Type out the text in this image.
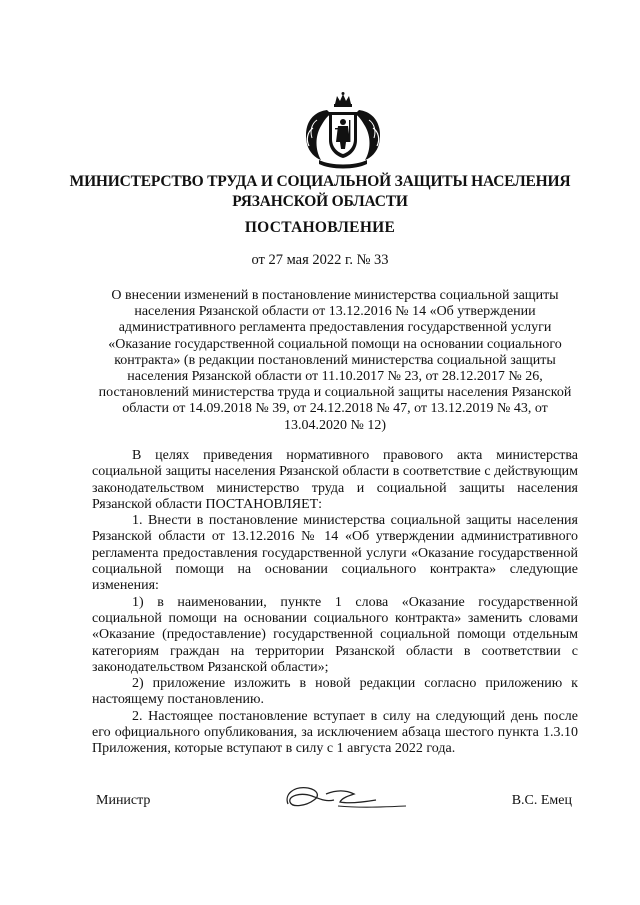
МИНИСТЕРСТВО ТРУДА И СОЦИАЛЬНОЙ ЗАЩИТЫ НАСЕЛЕНИЯ
РЯЗАНСКОЙ ОБЛАСТИ
ПОСТАНОВЛЕНИЕ
от 27 мая 2022 г. № 33
О внесении изменений в постановление министерства социальной защиты населения Рязанской области от 13.12.2016 № 14 «Об утверждении административного регламента предоставления государственной услуги «Оказание государственной социальной помощи на основании социального контракта» (в редакции постановлений министерства социальной защиты населения Рязанской области от 11.10.2017 № 23, от 28.12.2017 № 26, постановлений министерства труда и социальной защиты населения Рязанской области от 14.09.2018 № 39, от 24.12.2018 № 47, от 13.12.2019 № 43, от 13.04.2020 № 12)

В целях приведения нормативного правового акта министерства социальной защиты населения Рязанской области в соответствие с действующим законодательством министерство труда и социальной защиты населения Рязанской области ПОСТАНОВЛЯЕТ:

1. Внести в постановление министерства социальной защиты населения Рязанской области от 13.12.2016 № 14 «Об утверждении административного регламента предоставления государственной услуги «Оказание государственной социальной помощи на основании социального контракта» следующие изменения:

1) в наименовании, пункте 1 слова «Оказание государственной социальной помощи на основании социального контракта» заменить словами «Оказание (предоставление) государственной социальной помощи отдельным категориям граждан на территории Рязанской области в соответствии с законодательством Рязанской области»;

2) приложение изложить в новой редакции согласно приложению к настоящему постановлению.

2. Настоящее постановление вступает в силу на следующий день после его официального опубликования, за исключением абзаца шестого пункта 1.3.10 Приложения, которые вступают в силу с 1 августа 2022 года.

Министр	В.С. Емец
